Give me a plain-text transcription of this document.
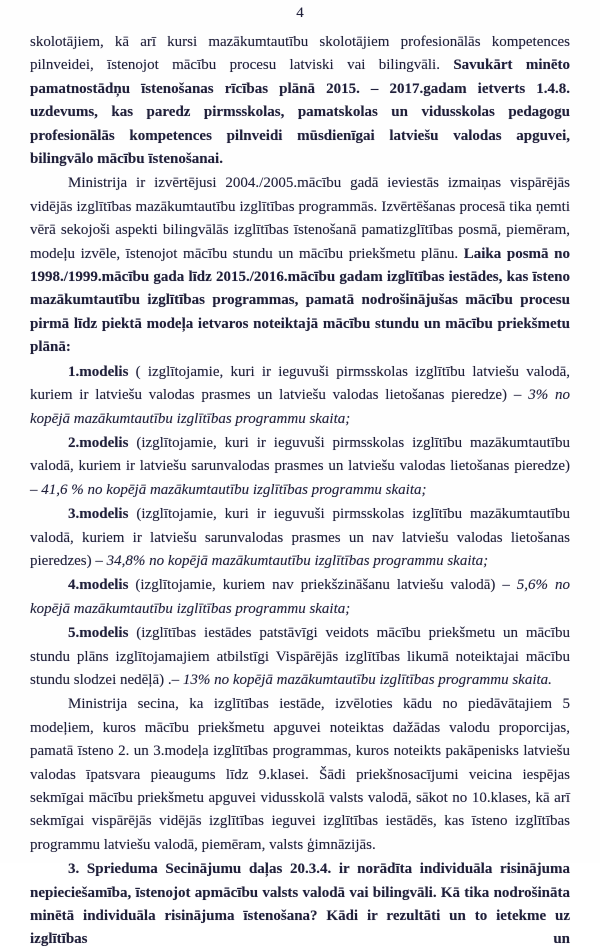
4

skolotājiem, kā arī kursi mazākumtautību skolotājiem profesionālās kompetences pilnveidei, īstenojot mācību procesu latviski vai bilingvāli. Savukārt minēto pamatnostādņu īstenošanas rīcības plānā 2015. – 2017.gadam ietverts 1.4.8. uzdevums, kas paredz pirmsskolas, pamatskolas un vidusskolas pedagogu profesionālās kompetences pilnveidi mūsdienīgai latviešu valodas apguvei, bilingvālo mācību īstenošanai.

Ministrija ir izvērtējusi 2004./2005.mācību gadā ieviestās izmaiņas vispārējās vidējās izglītības mazākumtautību izglītības programmās. Izvērtēšanas procesā tika ņemti vērā sekojoši aspekti bilingvālās izglītības īstenošanā pamatizglītības posmā, piemēram, modeļu izvēle, īstenojot mācību stundu un mācību priekšmetu plānu. Laika posmā no 1998./1999.mācību gada līdz 2015./2016.mācību gadam izglītības iestādes, kas īsteno mazākumtautību izglītības programmas, pamatā nodrošinājušas mācību procesu pirmā līdz piektā modeļa ietvaros noteiktajā mācību stundu un mācību priekšmetu plānā:

1.modelis ( izglītojamie, kuri ir ieguvuši pirmsskolas izglītību latviešu valodā, kuriem ir latviešu valodas prasmes un latviešu valodas lietošanas pieredze) – 3% no kopējā mazākumtautību izglītības programmu skaita;

2.modelis (izglītojamie, kuri ir ieguvuši pirmsskolas izglītību mazākumtautību valodā, kuriem ir latviešu sarunvalodas prasmes un latviešu valodas lietošanas pieredze) – 41,6 % no kopējā mazākumtautību izglītības programmu skaita;

3.modelis (izglītojamie, kuri ir ieguvuši pirmsskolas izglītību mazākumtautību valodā, kuriem ir latviešu sarunvalodas prasmes un nav latviešu valodas lietošanas pieredzes) – 34,8% no kopējā mazākumtautību izglītības programmu skaita;

4.modelis (izglītojamie, kuriem nav priekšzināšanu latviešu valodā) – 5,6% no kopējā mazākumtautību izglītības programmu skaita;

5.modelis (izglītības iestādes patstāvīgi veidots mācību priekšmetu un mācību stundu plāns izglītojamajiem atbilstīgi Vispārējās izglītības likumā noteiktajai mācību stundu slodzei nedēļā) .– 13% no kopējā mazākumtautību izglītības programmu skaita.

Ministrija secina, ka izglītības iestāde, izvēloties kādu no piedāvātajiem 5 modeļiem, kuros mācību priekšmetu apguvei noteiktas dažādas valodu proporcijas, pamatā īsteno 2. un 3.modeļa izglītības programmas, kuros noteikts pakāpenisks latviešu valodas īpatsvara pieaugums līdz 9.klasei. Šādi priekšnosacījumi veicina iespējas sekmīgai mācību priekšmetu apguvei vidusskolā valsts valodā, sākot no 10.klases, kā arī sekmīgai vispārējās vidējās izglītības ieguvei izglītības iestādēs, kas īsteno izglītības programmu latviešu valodā, piemēram, valsts ģimnāzijās.

3. Sprieduma Secinājumu daļas 20.3.4. ir norādīta individuāla risinājuma nepieciešamība, īstenojot apmācību valsts valodā vai bilingvāli. Kā tika nodrošināta minētā individuāla risinājuma īstenošana? Kādi ir rezultāti un to ietekme uz izglītības un
